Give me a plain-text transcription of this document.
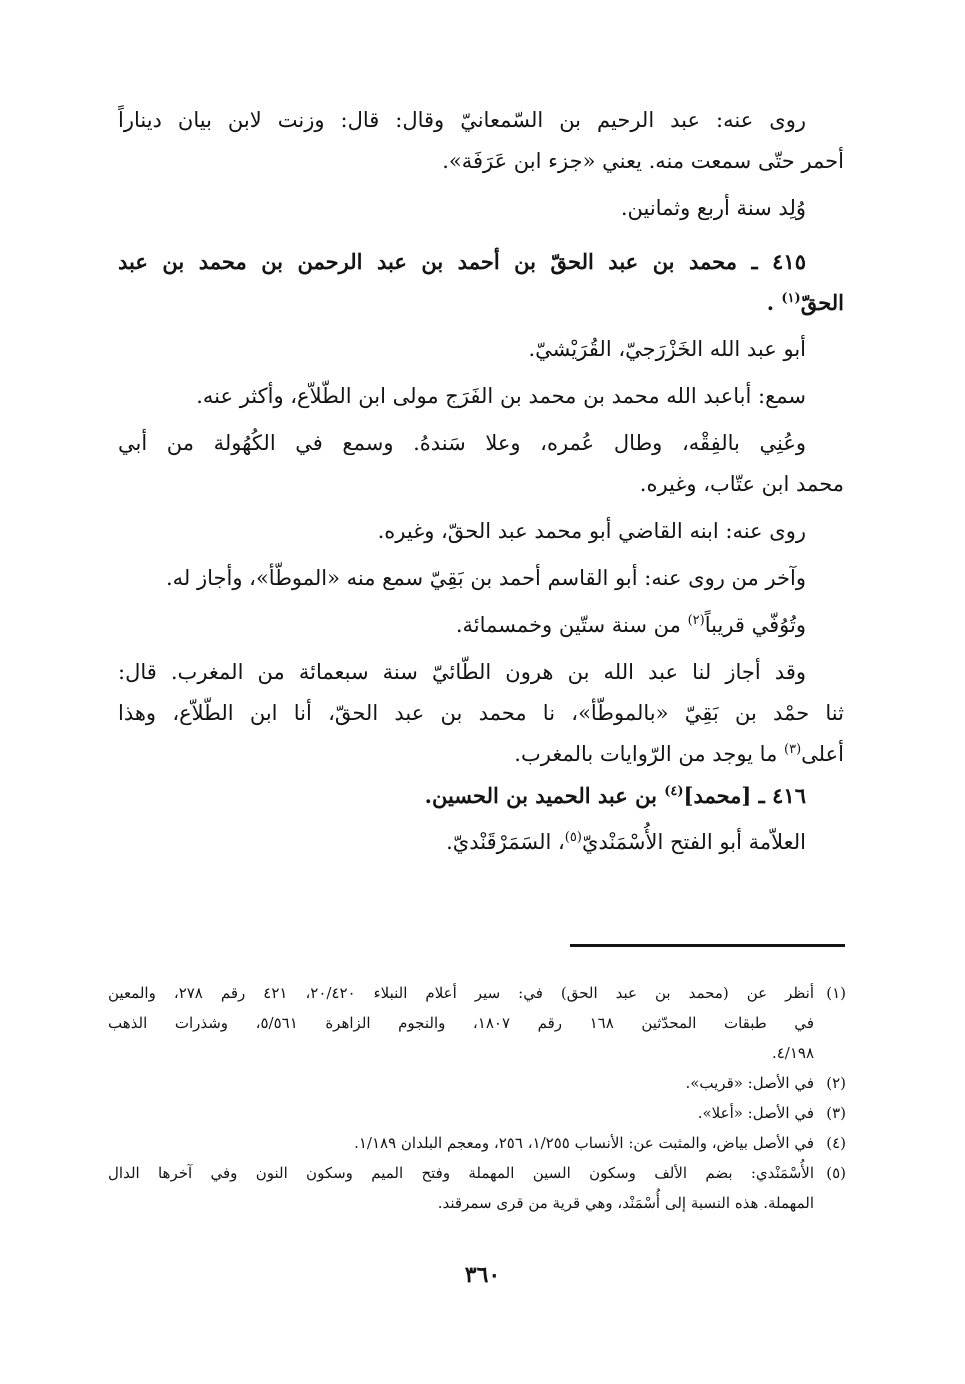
روى عنه: عبد الرحيم بن السّمعانيّ وقال: قال: وزنت لابن بيان ديناراً

أحمر حتّى سمعت منه. يعني «جزء ابن عَرَفَة».

وُلِد سنة أربع وثمانين.

٤١٥ ـ محمد بن عبد الحقّ بن أحمد بن عبد الرحمن بن محمد بن عبد

الحقّ$^{(١)}$ .

أبو عبد الله الخَزْرَجيّ، القُرَيْشيّ.

سمع: أباعبد الله محمد بن محمد بن الفَرَج مولى ابن الطّلاّع، وأكثر عنه.

وعُنِي بالفِقْه، وطال عُمره، وعلا سَندهُ. وسمع في الكُهُولة من أبي

محمد ابن عتّاب، وغيره.

روى عنه: ابنه القاضي أبو محمد عبد الحقّ، وغيره.

وآخر من روى عنه: أبو القاسم أحمد بن بَقِيّ سمع منه «الموطّأ»، وأجاز له.

وتُوُفّي قريباً$^{(٢)}$ من سنة ستّين وخمسمائة.

وقد أجاز لنا عبد الله بن هرون الطّائيّ سنة سبعمائة من المغرب. قال:

ثنا حمْد بن بَقِيّ «بالموطّأ»، نا محمد بن عبد الحقّ، أنا ابن الطّلاّع، وهذا

أعلى$^{(٣)}$ ما يوجد من الرّوايات بالمغرب.

٤١٦ ـ [محمد]$^{(٤)}$ بن عبد الحميد بن الحسين.

العلاّمة أبو الفتح الأُسْمَنْديّ$^{(٥)}$، السَمَرْقَنْديّ.

(١)أنظر عن (محمد بن عبد الحق) في: سير أعلام النبلاء ٢٠/٤٢٠، ٤٢١ رقم ٢٧٨، والمعين

في طبقات المحدّثين ١٦٨ رقم ١٨٠٧، والنجوم الزاهرة ٥/٥٦١، وشذرات الذهب

٤/١٩٨.

(٢)في الأصل: «قريب».

(٣)في الأصل: «أعلا».

(٤)في الأصل بياض، والمثبت عن: الأنساب ١/٢٥٥، ٢٥٦، ومعجم البلدان ١/١٨٩.

(٥)الأُسْمَنْدي: بضم الألف وسكون السين المهملة وفتح الميم وسكون النون وفي آخرها الدال

المهملة. هذه النسبة إلى أُسْمَنْد، وهي قرية من قرى سمرقند.

٣٦٠
